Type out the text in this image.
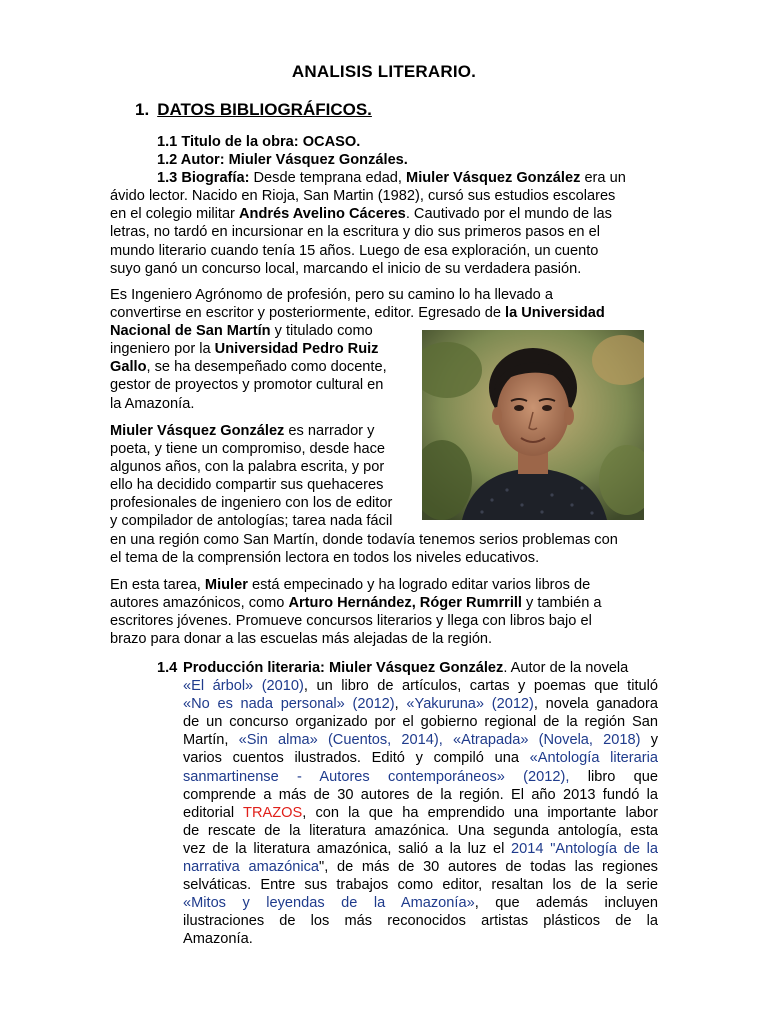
ANALISIS LITERARIO.
1. DATOS BIBLIOGRÁFICOS.
1.1 Titulo de la obra: OCASO.
1.2 Autor: Miuler Vásquez Gonzáles.
1.3 Biografía: Desde temprana edad, Miuler Vásquez González era un
ávido lector. Nacido en Rioja, San Martin (1982), cursó sus estudios escolares
en el colegio militar Andrés Avelino Cáceres. Cautivado por el mundo de las
letras, no tardó en incursionar en la escritura y dio sus primeros pasos en el
mundo literario cuando tenía 15 años. Luego de esa exploración, un cuento
suyo ganó un concurso local, marcando el inicio de su verdadera pasión.
Es Ingeniero Agrónomo de profesión, pero su camino lo ha llevado a
convertirse en escritor y posteriormente, editor. Egresado de la Universidad
Nacional de San Martín y titulado como
ingeniero por la Universidad Pedro Ruiz
Gallo, se ha desempeñado como docente,
gestor de proyectos y promotor cultural en
la Amazonía.
Miuler Vásquez González es narrador y
poeta, y tiene un compromiso, desde hace
algunos años, con la palabra escrita, y por
ello ha decidido compartir sus quehaceres
profesionales de ingeniero con los de editor
y compilador de antologías; tarea nada fácil
en una región como San Martín, donde todavía tenemos serios problemas con
el tema de la comprensión lectora en todos los niveles educativos.
En esta tarea, Miuler está empecinado y ha logrado editar varios libros de
autores amazónicos, como Arturo Hernández, Róger Rumrrill y también a
escritores jóvenes. Promueve concursos literarios y llega con libros bajo el
brazo para donar a las escuelas más alejadas de la región.
1.4 Producción literaria: Miuler Vásquez González. Autor de la novela
«El árbol» (2010), un libro de artículos, cartas y poemas que tituló
«No es nada personal» (2012), «Yakuruna» (2012), novela ganadora
de un concurso organizado por el gobierno regional de la región San
Martín, «Sin alma» (Cuentos, 2014), «Atrapada» (Novela, 2018) y
varios cuentos ilustrados. Editó y compiló una «Antología literaria
sanmartinense - Autores contemporáneos» (2012), libro que
comprende a más de 30 autores de la región. El año 2013 fundó la
editorial TRAZOS, con la que ha emprendido una importante labor
de rescate de la literatura amazónica. Una segunda antología, esta
vez de la literatura amazónica, salió a la luz el 2014 "Antología de la
narrativa amazónica", de más de 30 autores de todas las regiones
selváticas. Entre sus trabajos como editor, resaltan los de la serie
«Mitos y leyendas de la Amazonía», que además incluyen
ilustraciones de los más reconocidos artistas plásticos de la
Amazonía.
